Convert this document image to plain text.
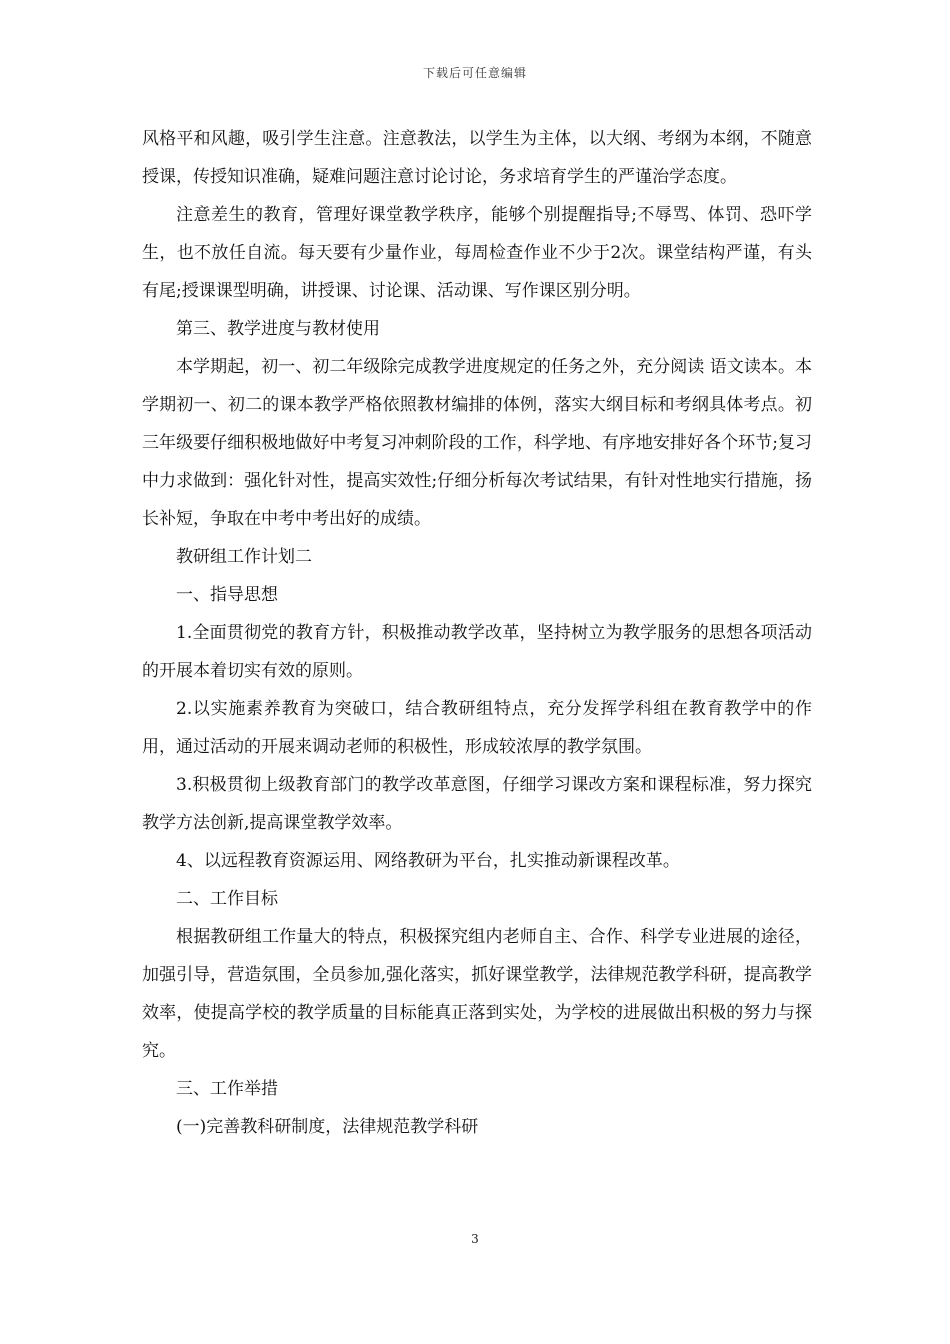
下载后可任意编辑

风格平和风趣，吸引学生注意。注意教法，以学生为主体，以大纲、考纲为本纲，不随意授课，传授知识准确，疑难问题注意讨论讨论，务求培育学生的严谨治学态度。

注意差生的教育，管理好课堂教学秩序，能够个别提醒指导;不辱骂、体罚、恐吓学生，也不放任自流。每天要有少量作业，每周检查作业不少于2次。课堂结构严谨，有头有尾;授课课型明确，讲授课、讨论课、活动课、写作课区别分明。

第三、教学进度与教材使用

本学期起，初一、初二年级除完成教学进度规定的任务之外，充分阅读 语文读本。本学期初一、初二的课本教学严格依照教材编排的体例，落实大纲目标和考纲具体考点。初三年级要仔细积极地做好中考复习冲刺阶段的工作，科学地、有序地安排好各个环节;复习中力求做到：强化针对性，提高实效性;仔细分析每次考试结果，有针对性地实行措施，扬长补短，争取在中考中考出好的成绩。

教研组工作计划二

一、指导思想

1.全面贯彻党的教育方针，积极推动教学改革，坚持树立为教学服务的思想各项活动的开展本着切实有效的原则。

2.以实施素养教育为突破口，结合教研组特点，充分发挥学科组在教育教学中的作用，通过活动的开展来调动老师的积极性，形成较浓厚的教学氛围。

3.积极贯彻上级教育部门的教学改革意图，仔细学习课改方案和课程标准，努力探究教学方法创新,提高课堂教学效率。

4、以远程教育资源运用、网络教研为平台，扎实推动新课程改革。

二、工作目标

根据教研组工作量大的特点，积极探究组内老师自主、合作、科学专业进展的途径，加强引导，营造氛围，全员参加,强化落实，抓好课堂教学，法律规范教学科研，提高教学效率，使提高学校的教学质量的目标能真正落到实处，为学校的进展做出积极的努力与探究。

三、工作举措

(一)完善教科研制度，法律规范教学科研

3
